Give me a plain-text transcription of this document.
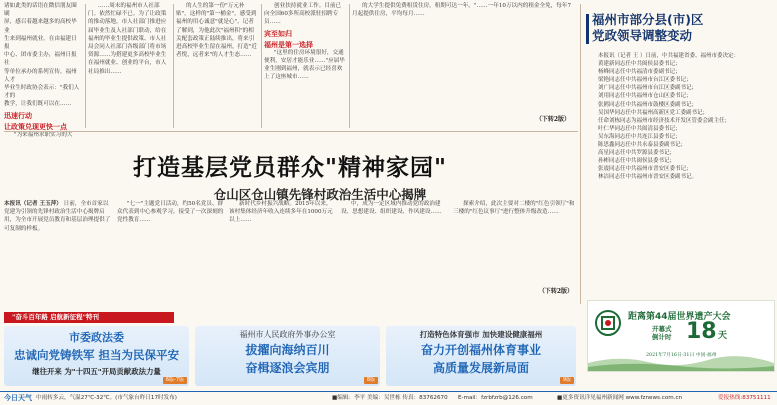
诸如此类的话语在微信朋友圈刷
屏，感召着越来越多的高校毕业
生来到福州就业。在由福建日报
中心、团市委主办，福州日报社
等单位承办的系列宣传，福州人才
毕业生时政协会表示："我们人才的
教学，让我们既可以在……
迅速行动
让政策兑现更快一点
"为来福州求职实习的大
……周末的福州市人社部门。依然忙碌不已。为了让政策的推动落地，市人社部门推进应届毕业生及人社部门联动，给在福州的毕业生提供政策、市人社局会同人社部门各级部门将市场资源……为搭建更多高校毕业生在福州就业、创业的平台，市人社局推出……
的人生的第一份"万元补贴"，这样的"第一桶金"，感受到福州的用心诚意"就是心"。记者了解到，为他此次"福州积"的相关配套政策正陆续推出，将来引进高校毕业生留在福州，打造"近者悦，远者来"的人才生态……
创业扶持就业工作。目前已向全国60多所高校派驻招聘专员……
宾至如归
福州是第一选择
"这里的住房环境很好，交通便利，安居才能乐业……"应届毕业生刚到福州，就表示已经喜欢上了这座城市……
的大学生提供免费租赁住房，租期可达一年。"……一年10万以内的租金全免，每年7月起提供住房，平均每月……
（下转2版）
打造基层党员群众"精神家园"
仓山区仓山镇先锋村政治生活中心揭牌
本报讯（记者 王玉萍） 日前，全市首家以党建为引领的先锋村政治生活中心揭牌启用，为全市开展党员教育和基层治理提供了可复制的样板。
"七一"主题党日活动，约50名党员、群众代表到中心参观学习，接受了一次深刻的党性教育……
新时代乡村振兴战略。2015年以来，该村集体经济年收入连续多年在1000万元以上……
中，成为一定区域内推动党的政治建设、思想建设、组织建设、作风建设……
探索介绍，此次主要对二楼的"红色引领厅"和三楼的"红色议事厅"进行整体升级改造……
（下转2版）
福州市部分县(市)区
党政领导调整变动
本报讯（记者 王 ）日前，中共福建省委、福州市委决定：
黄建新同志任中共闽侯县委书记；
杨峰同志任中共福清市委副书记；
梁艳同志任中共福州市台江区委书记；
刘广同志任中共福州市台江区委副书记；
刘用同志任中共福州市仓山区委书记；
张鸥同志任中共福州市鼓楼区委副书记；
吴国华同志任中共福州高新区党工委副书记；
任命刘栋同志为福州市经济技术开发区管委会副主任；
叶仁华同志任中共闽清县委书记；
吴东海同志任中共连江县委书记；
陈思鑫同志任中共永泰县委副书记；
高星同志任中共罗源县委书记；
孙彬同志任中共闽侯县委书记；
张震同志任中共福州市晋安区委书记；
林洁同志任中共福州市晋安区委副书记。
距离第44届世界遗产大会
开幕式
倒计时 18 天
2021年7月16日-31日 中国·福州
"奋斗百年路 启航新征程"特刊
市委政法委
忠诚向党铸铁军 担当为民保平安
继往开来 为"十四五"开局贡献政法力量
6版-7版
福州市人民政府外事办公室
拔擢向海纳百川
奋楫逐浪会宾朋
8版
打造特色体育强市 加快建设健康福州
奋力开创福州体育事业
高质量发展新局面
9版
今日天气 中雨转多云，气温27℃-32℃。(市气象台昨日17时发布)	■编辑：李平 美编：吴世栋 传真：83762670 E-mail：fzrbfzrb@126.com	■更多资讯详见福州新闻网 www.fznews.com.cn	爱报热线:83751111
